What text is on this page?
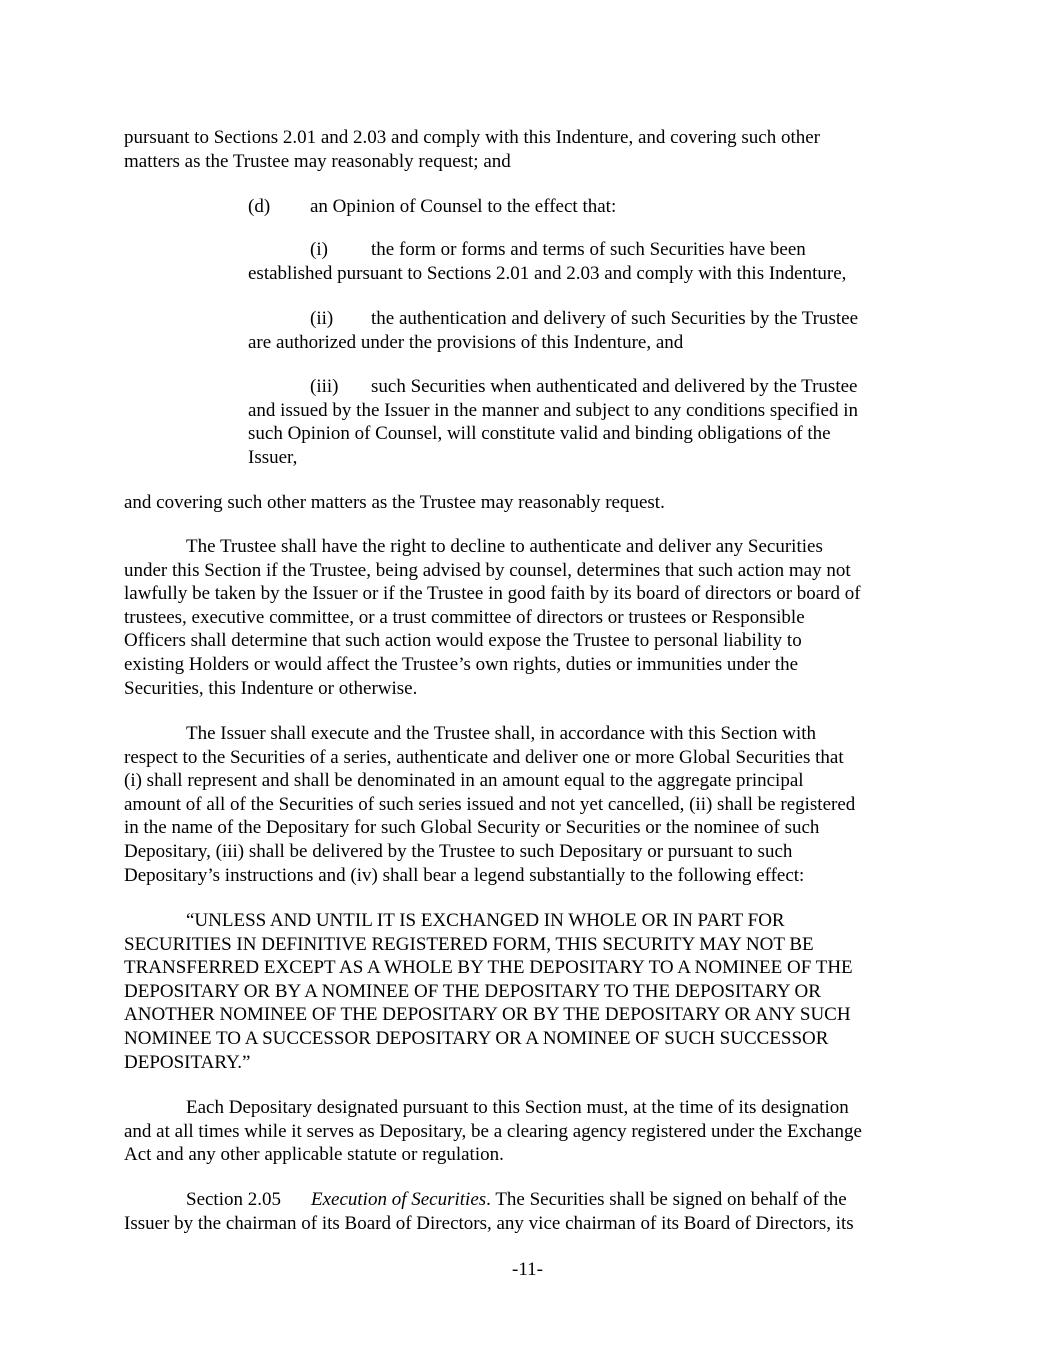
pursuant to Sections 2.01 and 2.03 and comply with this Indenture, and covering such other
matters as the Trustee may reasonably request; and

(d) an Opinion of Counsel to the effect that:

(i) the form or forms and terms of such Securities have been
established pursuant to Sections 2.01 and 2.03 and comply with this Indenture,

(ii) the authentication and delivery of such Securities by the Trustee
are authorized under the provisions of this Indenture, and

(iii) such Securities when authenticated and delivered by the Trustee
and issued by the Issuer in the manner and subject to any conditions specified in
such Opinion of Counsel, will constitute valid and binding obligations of the
Issuer,

and covering such other matters as the Trustee may reasonably request.

The Trustee shall have the right to decline to authenticate and deliver any Securities
under this Section if the Trustee, being advised by counsel, determines that such action may not
lawfully be taken by the Issuer or if the Trustee in good faith by its board of directors or board of
trustees, executive committee, or a trust committee of directors or trustees or Responsible
Officers shall determine that such action would expose the Trustee to personal liability to
existing Holders or would affect the Trustee’s own rights, duties or immunities under the
Securities, this Indenture or otherwise.

The Issuer shall execute and the Trustee shall, in accordance with this Section with
respect to the Securities of a series, authenticate and deliver one or more Global Securities that
(i) shall represent and shall be denominated in an amount equal to the aggregate principal
amount of all of the Securities of such series issued and not yet cancelled, (ii) shall be registered
in the name of the Depositary for such Global Security or Securities or the nominee of such
Depositary, (iii) shall be delivered by the Trustee to such Depositary or pursuant to such
Depositary’s instructions and (iv) shall bear a legend substantially to the following effect:

“UNLESS AND UNTIL IT IS EXCHANGED IN WHOLE OR IN PART FOR
SECURITIES IN DEFINITIVE REGISTERED FORM, THIS SECURITY MAY NOT BE
TRANSFERRED EXCEPT AS A WHOLE BY THE DEPOSITARY TO A NOMINEE OF THE
DEPOSITARY OR BY A NOMINEE OF THE DEPOSITARY TO THE DEPOSITARY OR
ANOTHER NOMINEE OF THE DEPOSITARY OR BY THE DEPOSITARY OR ANY SUCH
NOMINEE TO A SUCCESSOR DEPOSITARY OR A NOMINEE OF SUCH SUCCESSOR
DEPOSITARY.”

Each Depositary designated pursuant to this Section must, at the time of its designation
and at all times while it serves as Depositary, be a clearing agency registered under the Exchange
Act and any other applicable statute or regulation.

Section 2.05 Execution of Securities. The Securities shall be signed on behalf of the
Issuer by the chairman of its Board of Directors, any vice chairman of its Board of Directors, its

-11-
